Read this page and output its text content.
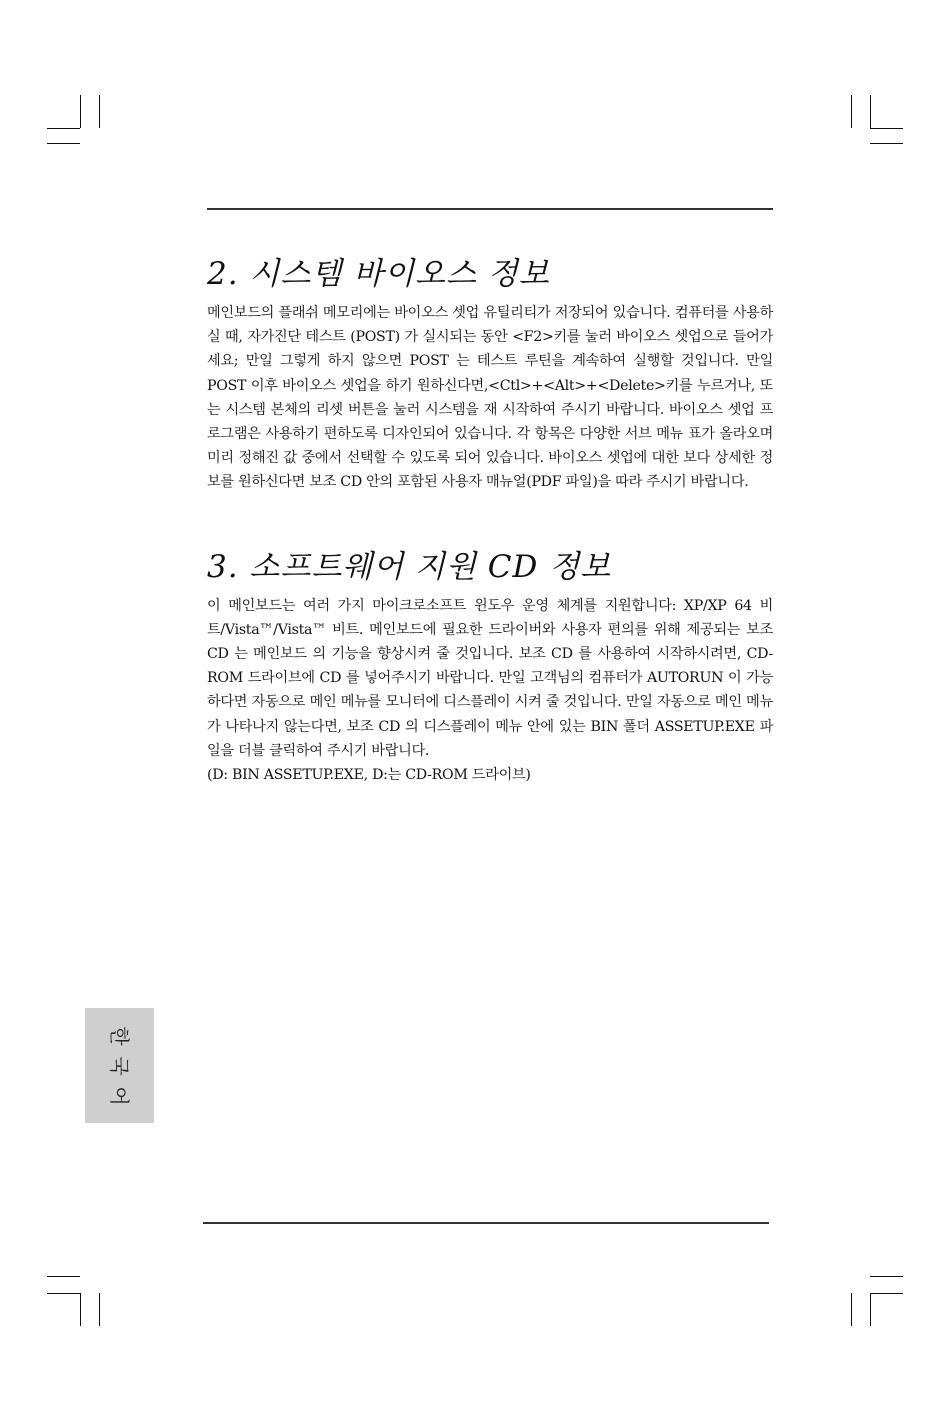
2. 시스템 바이오스 정보

메인보드의 플래쉬 메모리에는 바이오스 셋업 유틸리티가 저장되어 있습니다. 컴퓨터를 사용하실 때, 자가진단 테스트 (POST) 가 실시되는 동안 <F2>키를 눌러 바이오스 셋업으로 들어가세요; 만일 그렇게 하지 않으면 POST 는 테스트 루틴을 계속하여 실행할 것입니다. 만일 POST 이후 바이오스 셋업을 하기 원하신다면,<Ctl>+<Alt>+<Delete>키를 누르거나, 또는 시스템 본체의 리셋 버튼을 눌러 시스템을 재 시작하여 주시기 바랍니다. 바이오스 셋업 프로그램은 사용하기 편하도록 디자인되어 있습니다. 각 항목은 다양한 서브 메뉴 표가 올라오며 미리 정해진 값 중에서 선택할 수 있도록 되어 있습니다. 바이오스 셋업에 대한 보다 상세한 정보를 원하신다면 보조 CD 안의 포함된 사용자 매뉴얼(PDF 파일)을 따라 주시기 바랍니다.

3. 소프트웨어 지원 CD 정보

이 메인보드는 여러 가지 마이크로소프트 윈도우 운영 체계를 지원합니다: XP/XP 64 비트/Vista™/Vista™ 비트. 메인보드에 필요한 드라이버와 사용자 편의를 위해 제공되는 보조 CD 는 메인보드 의 기능을 향상시켜 줄 것입니다. 보조 CD 를 사용하여 시작하시려면, CD-ROM 드라이브에 CD 를 넣어주시기 바랍니다. 만일 고객님의 컴퓨터가 AUTORUN 이 가능하다면 자동으로 메인 메뉴를 모니터에 디스플레이 시켜 줄 것입니다. 만일 자동으로 메인 메뉴가 나타나지 않는다면, 보조 CD 의 디스플레이 메뉴 안에 있는 BIN 폴더 ASSETUP.EXE 파일을 더블 클릭하여 주시기 바랍니다.

(D: BIN ASSETUP.EXE, D:는 CD-ROM 드라이브)

한
국
어
